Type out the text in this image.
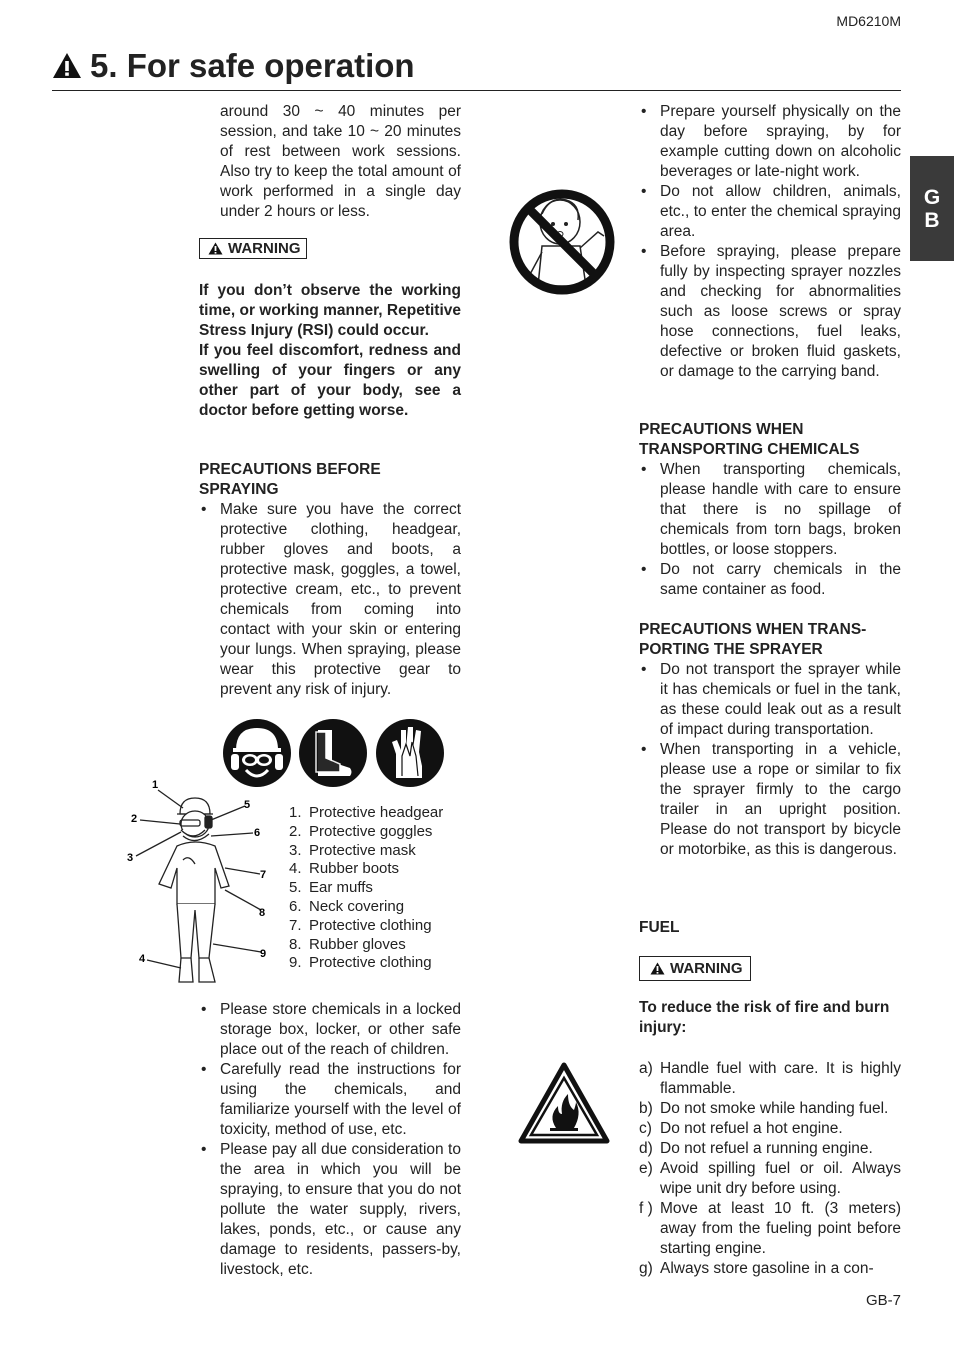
MD6210M
5. For safe operation
G
B

around 30 ~ 40 minutes per session, and take 10 ~ 20 minutes of rest between work sessions. Also try to keep the total amount of work performed in a single day under 2 hours or less.

WARNING

If you don’t observe the working time, or working manner, Repetitive Stress Injury (RSI) could occur.

If you feel discomfort, redness and swelling of your fingers or any other part of your body, see a doctor before getting worse.

PRECAUTIONS BEFORE

SPRAYING

• Make sure you have the correct protective clothing, headgear, rubber gloves and boots, a protective mask, goggles, a towel, protective cream, etc., to prevent chemicals from coming into contact with your skin or entering your lungs. When spraying, please wear this protective gear to prevent any risk of injury.
1
2
3
4
5
6
7
8
9
1. Protective headgear
2. Protective goggles
3. Protective mask
4. Rubber boots
5. Ear muffs
6. Neck covering
7. Protective clothing
8. Rubber gloves
9. Protective clothing
• Please store chemicals in a locked storage box, locker, or other safe place out of the reach of children.
• Carefully read the instructions for using the chemicals, and familiarize yourself with the level of toxicity, method of use, etc.
• Please pay all due consideration to the area in which you will be spraying, to ensure that you do not pollute the water supply, rivers, lakes, ponds, etc., or cause any damage to residents, passers-by, livestock, etc.
• Prepare yourself physically on the day before spraying, by for example cutting down on alcoholic beverages or late-night work.
• Do not allow children, animals, etc., to enter the chemical spraying area.
• Before spraying, please prepare fully by inspecting sprayer nozzles and checking for abnormalities such as loose screws or spray hose connections, fuel leaks, defective or broken fluid gaskets, or damage to the carrying band.

PRECAUTIONS WHEN

TRANSPORTING CHEMICALS

• When transporting chemicals, please handle with care to ensure that there is no spillage of chemicals from torn bags, broken bottles, or loose stoppers.
• Do not carry chemicals in the same container as food.

PRECAUTIONS WHEN TRANS-

PORTING THE SPRAYER

• Do not transport the sprayer while it has chemicals or fuel in the tank, as these could leak out as a result of impact during transportation.
• When transporting in a vehicle, please use a rope or similar to fix the sprayer firmly to the cargo trailer in an upright position. Please do not transport by bicycle or motorbike, as this is dangerous.

FUEL

WARNING

To reduce the risk of fire and burn injury:

a) Handle fuel with care. It is highly flammable.
b) Do not smoke while handing fuel.
c) Do not refuel a hot engine.
d) Do not refuel a running engine.
e) Avoid spilling fuel or oil. Always wipe unit dry before using.
f ) Move at least 10 ft. (3 meters) away from the fueling point before starting engine.
g) Always store gasoline in a con-
GB-7
